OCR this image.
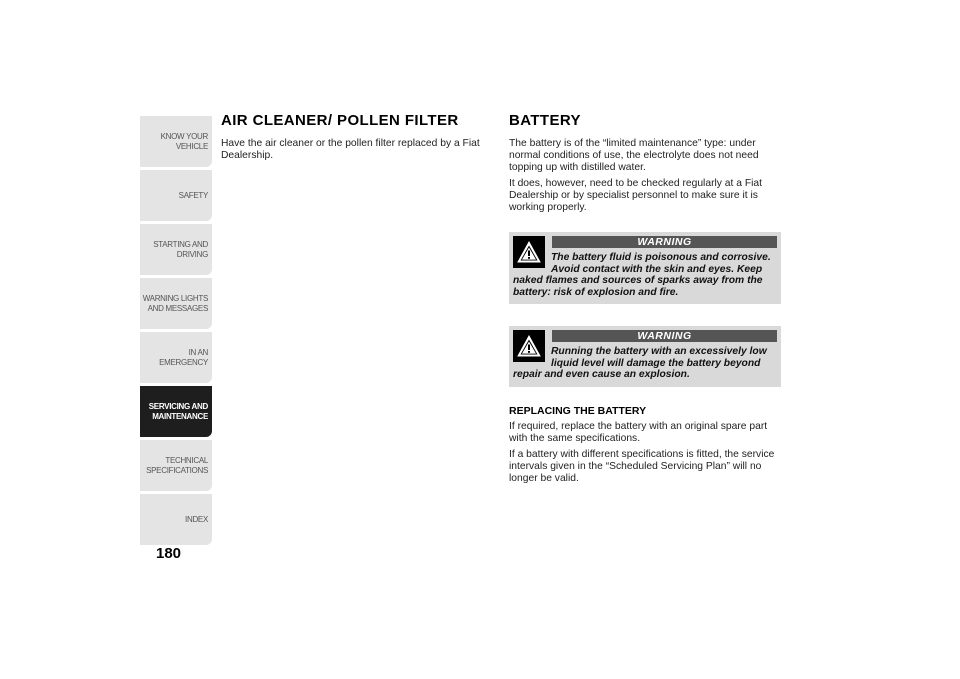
KNOW YOUR
VEHICLE
SAFETY
STARTING AND
DRIVING
WARNING LIGHTS
AND MESSAGES
IN AN EMERGENCY
SERVICING AND
MAINTENANCE
TECHNICAL
SPECIFICATIONS
INDEX
180
AIR CLEANER/ POLLEN FILTER

Have the air cleaner or the pollen filter replaced by a Fiat Dealership.

BATTERY

The battery is of the “limited maintenance” type: under normal conditions of use, the electrolyte does not need topping up with distilled water.

It does, however, need to be checked regularly at a Fiat Dealership or by specialist personnel to make sure it is working properly.

WARNING
The battery fluid is poisonous and corrosive. Avoid contact with the skin and eyes. Keep naked flames and sources of sparks away from the battery: risk of explosion and fire.
WARNING
Running the battery with an excessively low liquid level will damage the battery beyond repair and even cause an explosion.
REPLACING THE BATTERY

If required, replace the battery with an original spare part with the same specifications.

If a battery with different specifications is fitted, the service intervals given in the “Scheduled Servicing Plan” will no longer be valid.
